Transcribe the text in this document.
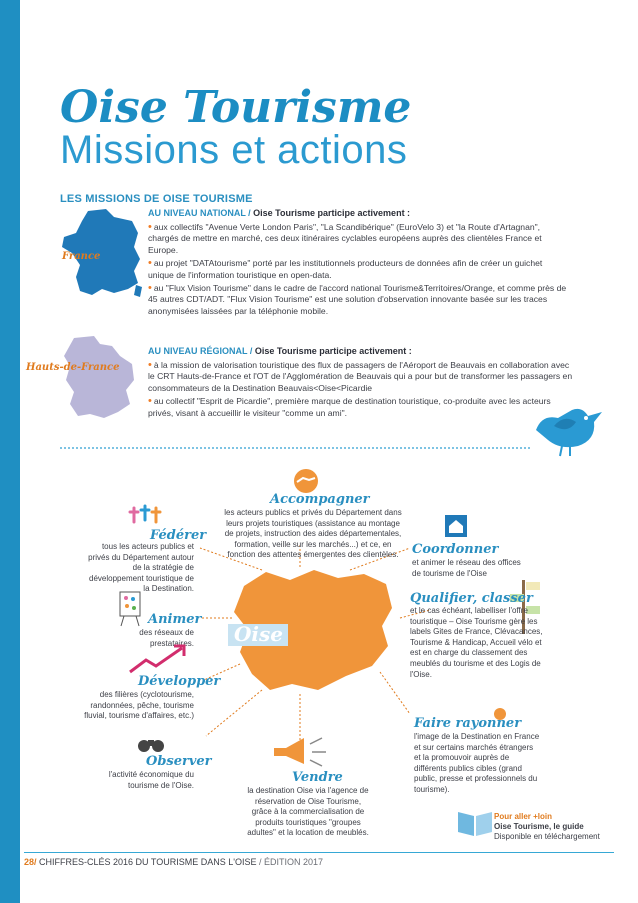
Oise Tourisme
Missions et actions
LES MISSIONS DE OISE TOURISME
France
Hauts-de-France
AU NIVEAU NATIONAL / Oise Tourisme participe activement :
• aux collectifs "Avenue Verte London Paris", "La Scandibérique" (EuroVelo 3) et "la Route d'Artagnan", chargés de mettre en marché, ces deux itinéraires cyclables européens auprès des clientèles France et Europe.
• au projet "DATAtourisme" porté par les institutionnels producteurs de données afin de créer un guichet unique de l'information touristique en open-data.
• au "Flux Vision Tourisme" dans le cadre de l'accord national Tourisme&Territoires/Orange, et comme près de 45 autres CDT/ADT. "Flux Vision Tourisme" est une solution d'observation innovante basée sur les traces anonymisées laissées par la téléphonie mobile.
AU NIVEAU RÉGIONAL / Oise Tourisme participe activement :
• à la mission de valorisation touristique des flux de passagers de l'Aéroport de Beauvais en collaboration avec le CRT Hauts-de-France et l'OT de l'Agglomération de Beauvais qui a pour but de transformer les passagers en consommateurs de la Destination Beauvais<Oise<Picardie
• au collectif "Esprit de Picardie", première marque de destination touristique, co-produite avec les acteurs privés, visant à accueillir le visiteur "comme un ami".
Oise
Accompagner
les acteurs publics et privés du Département dans leurs projets touristiques (assistance au montage de projets, instruction des aides départementales, formation, veille sur les marchés...) et ce, en fonction des attentes émergentes des clientèles.
Fédérer
tous les acteurs publics et privés du Département autour de la stratégie de développement touristique de la Destination.
Coordonner
et animer le réseau des offices de tourisme de l'Oise
Animer
des réseaux de prestataires.
Qualifier, classer
et le cas échéant, labelliser l'offre touristique – Oise Tourisme gère les labels Gites de France, Clévacances, Tourisme & Handicap, Accueil vélo et est en charge du classement des meublés du tourisme et des Logis de l'Oise.
Développer
des filières (cyclotourisme, randonnées, pêche, tourisme fluvial, tourisme d'affaires, etc.)
Faire rayonner
l'image de la Destination en France et sur certains marchés étrangers et la promouvoir auprès de différents publics cibles (grand public, presse et professionnels du tourisme).
Observer
l'activité économique du tourisme de l'Oise.
Vendre
la destination Oise via l'agence de réservation de Oise Tourisme, grâce à la commercialisation de produits touristiques "groupes adultes" et la location de meublés.
Pour aller +loin
Oise Tourisme, le guide
Disponible en téléchargement
28/ CHIFFRES-CLÉS 2016 DU TOURISME DANS L'OISE / ÉDITION 2017
